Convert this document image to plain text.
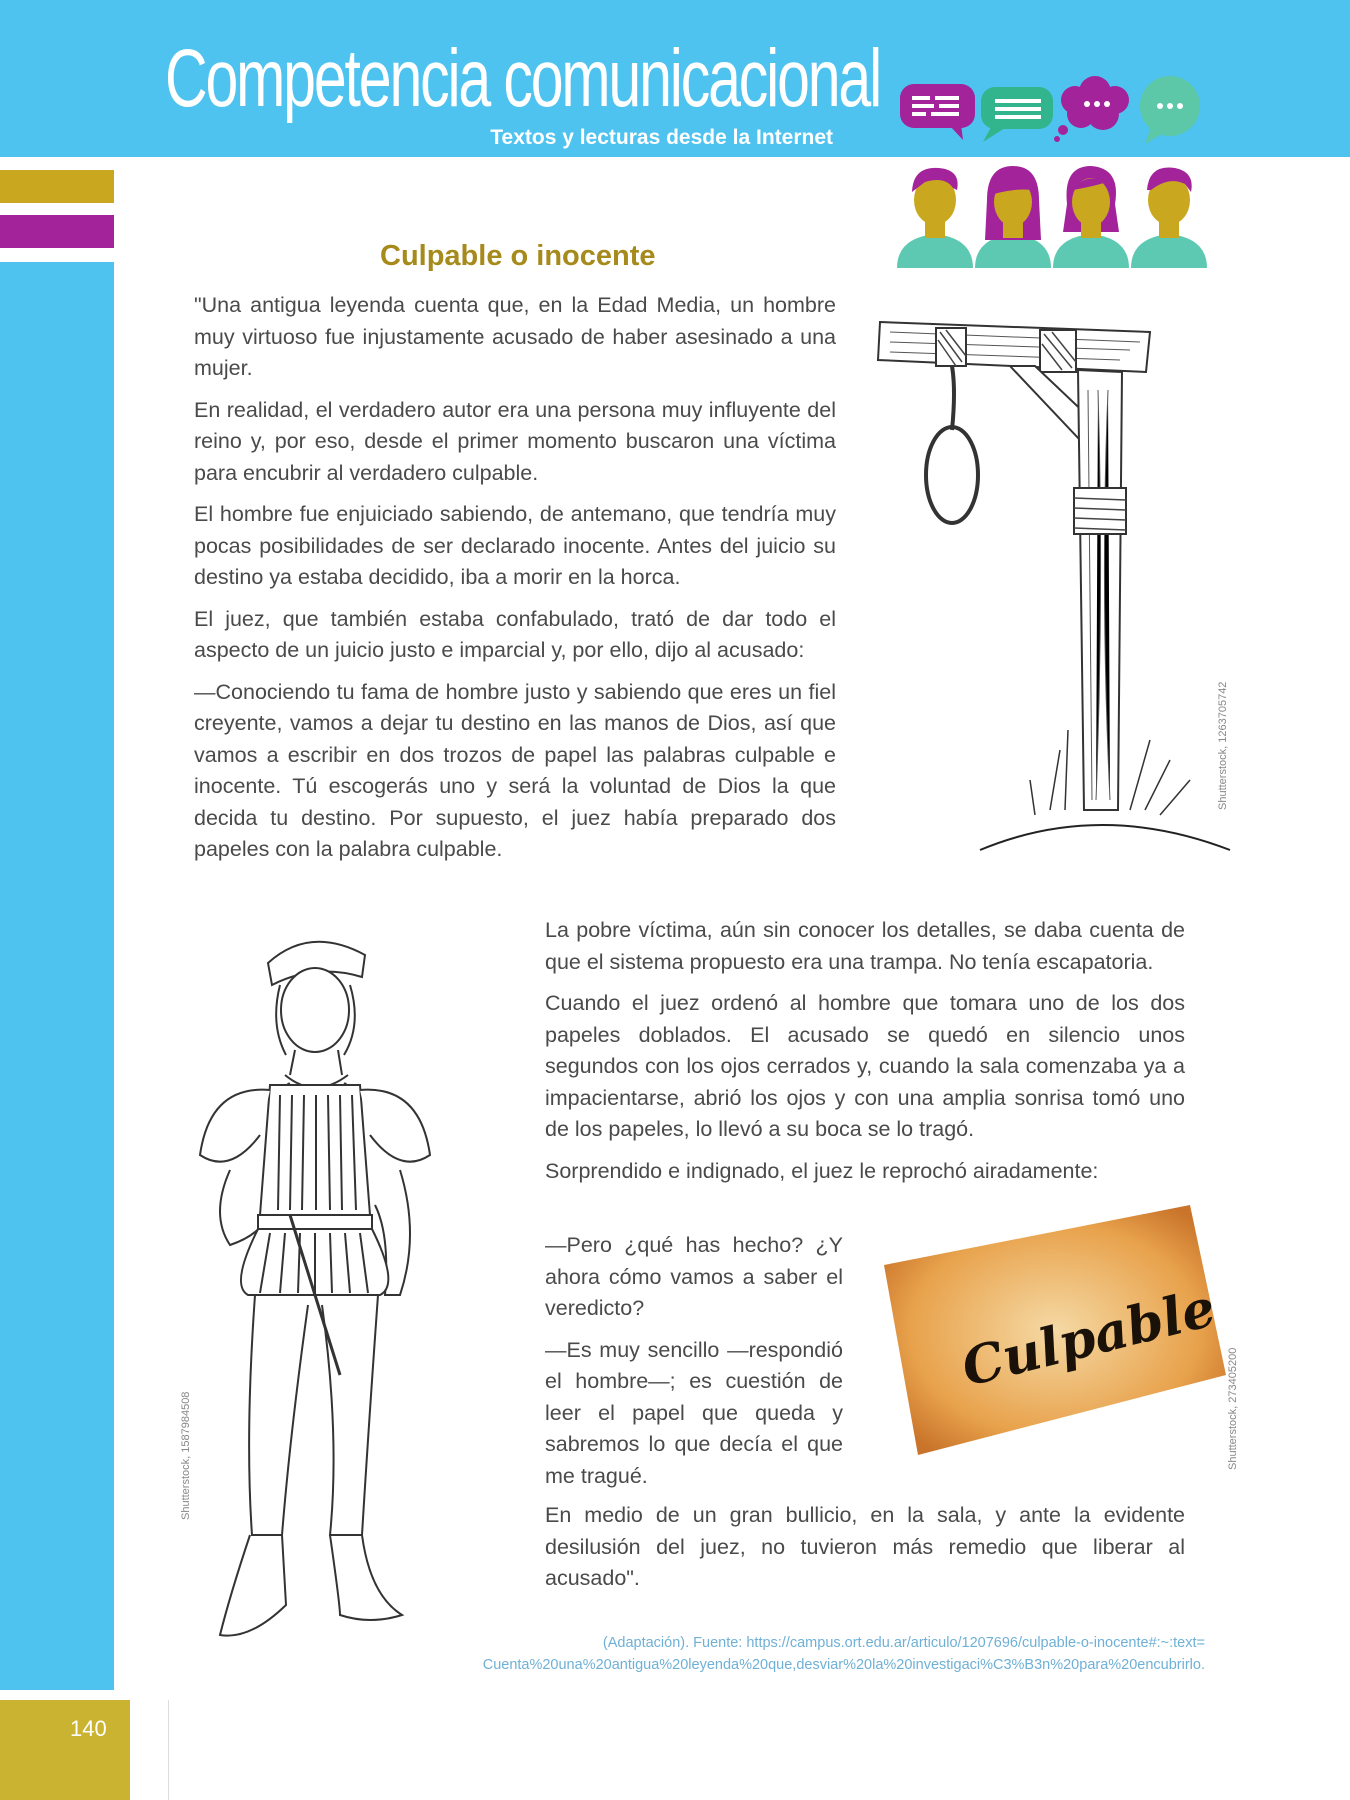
Competencia comunicacional
Textos y lecturas desde la Internet
140
Culpable o inocente

"Una antigua leyenda cuenta que, en la Edad Media, un hombre muy virtuoso fue injustamente acusado de haber asesinado a una mujer.

En realidad, el verdadero autor era una persona muy influyente del reino y, por eso, desde el primer momento buscaron una víctima para encubrir al verdadero culpable.

El hombre fue enjuiciado sabiendo, de antemano, que tendría muy pocas posibilidades de ser declarado inocente. Antes del juicio su destino ya estaba decidido, iba a morir en la horca.

El juez, que también estaba confabulado, trató de dar todo el aspecto de un juicio justo e imparcial y, por ello, dijo al acusado:

—Conociendo tu fama de hombre justo y sabiendo que eres un fiel creyente, vamos a dejar tu destino en las manos de Dios, así que vamos a escribir en dos trozos de papel las palabras culpable e inocente. Tú escogerás uno y será la voluntad de Dios la que decida tu destino. Por supuesto, el juez había preparado dos papeles con la palabra culpable.

Shutterstock, 1263705742
Shutterstock, 1587984508

La pobre víctima, aún sin conocer los detalles, se daba cuenta de que el sistema propuesto era una trampa. No tenía escapatoria.

Cuando el juez ordenó al hombre que tomara uno de los dos papeles doblados. El acusado se quedó en silencio unos segundos con los ojos cerrados y, cuando la sala comenzaba ya a impacientarse, abrió los ojos y con una amplia sonrisa tomó uno de los papeles, lo llevó a su boca se lo tragó.

Sorprendido e indignado, el juez le reprochó airadamente:

—Pero ¿qué has hecho? ¿Y ahora cómo vamos a saber el veredicto?

—Es muy sencillo —respondió el hombre—; es cuestión de leer el papel que queda y sabremos lo que decía el que me tragué.

Culpable
Shutterstock, 273405200

En medio de un gran bullicio, en la sala, y ante la evidente desilusión del juez, no tuvieron más remedio que liberar al acusado".

(Adaptación). Fuente: https://campus.ort.edu.ar/articulo/1207696/culpable-o-inocente#:~:text=
Cuenta%20una%20antigua%20leyenda%20que,desviar%20la%20investigaci%C3%B3n%20para%20encubrirlo.
